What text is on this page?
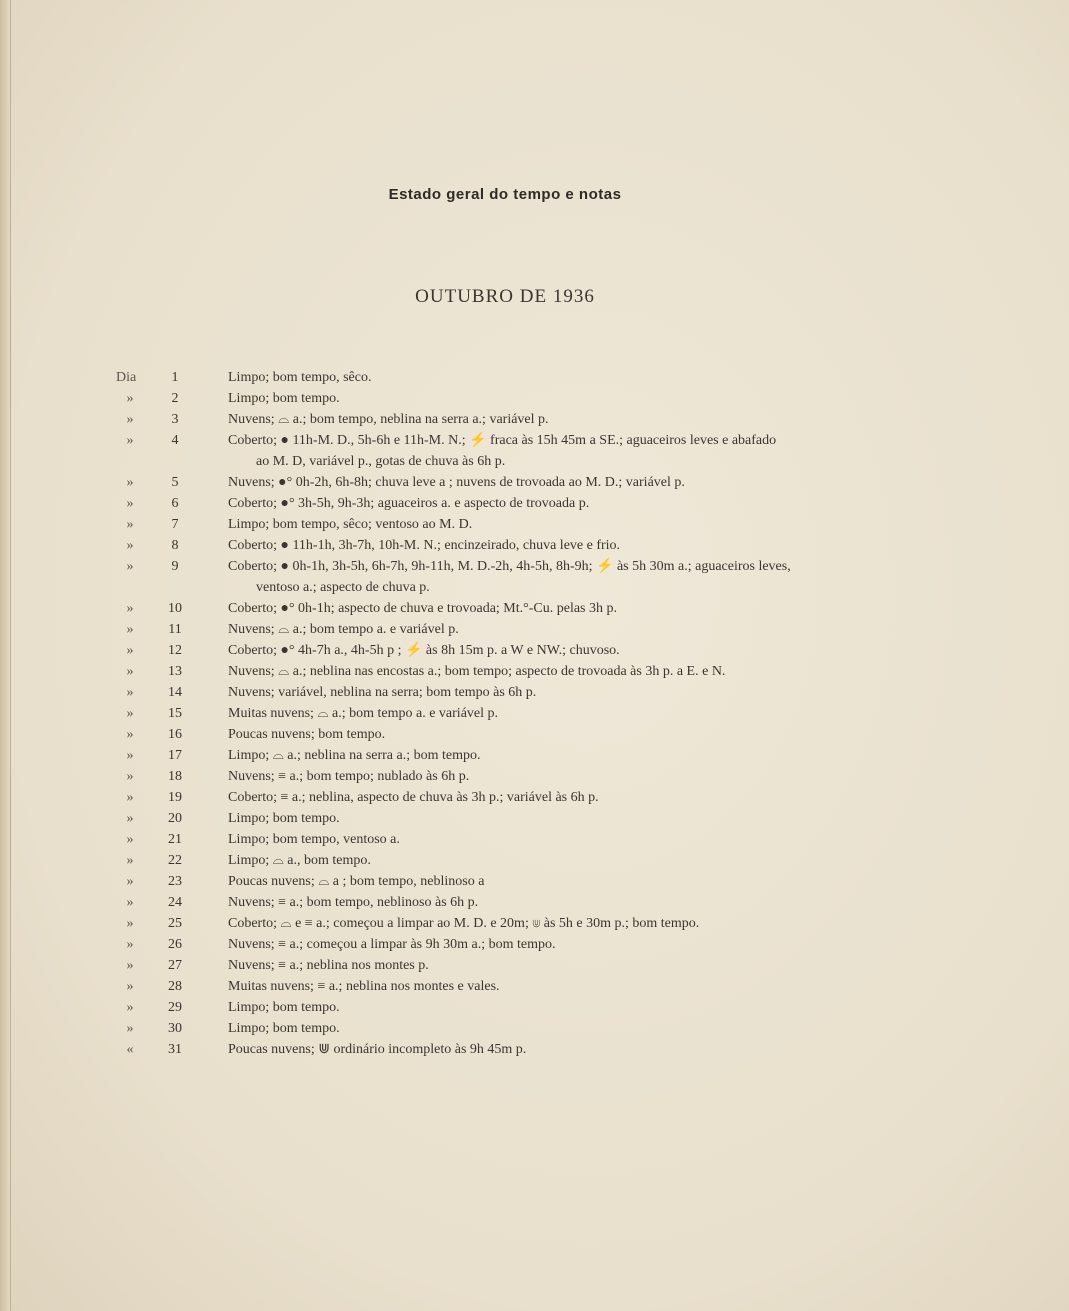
Estado geral do tempo e notas
OUTUBRO DE 1936
Dia	1	Limpo; bom tempo, sêco.
»	2	Limpo; bom tempo.
»	3	Nuvens; ⌓ a.; bom tempo, neblina na serra a.; variável p.
»	4	Coberto; ● 11h-M. D., 5h-6h e 11h-M. N.; ⚡ fraca às 15h 45m a SE.; aguaceiros leves e abafado
ao M. D, variável p., gotas de chuva às 6h p.
»	5	Nuvens; ●° 0h-2h, 6h-8h; chuva leve a ; nuvens de trovoada ao M. D.; variável p.
»	6	Coberto; ●° 3h-5h, 9h-3h; aguaceiros a. e aspecto de trovoada p.
»	7	Limpo; bom tempo, sêco; ventoso ao M. D.
»	8	Coberto; ● 11h-1h, 3h-7h, 10h-M. N.; encinzeirado, chuva leve e frio.
»	9	Coberto; ● 0h-1h, 3h-5h, 6h-7h, 9h-11h, M. D.-2h, 4h-5h, 8h-9h; ⚡ às 5h 30m a.; aguaceiros leves,
ventoso a.; aspecto de chuva p.
»	10	Coberto; ●° 0h-1h; aspecto de chuva e trovoada; Mt.°-Cu. pelas 3h p.
»	11	Nuvens; ⌓ a.; bom tempo a. e variável p.
»	12	Coberto; ●° 4h-7h a., 4h-5h p ; ⚡ às 8h 15m p. a W e NW.; chuvoso.
»	13	Nuvens; ⌓ a.; neblina nas encostas a.; bom tempo; aspecto de trovoada às 3h p. a E. e N.
»	14	Nuvens; variável, neblina na serra; bom tempo às 6h p.
»	15	Muitas nuvens; ⌓ a.; bom tempo a. e variável p.
»	16	Poucas nuvens; bom tempo.
»	17	Limpo; ⌓ a.; neblina na serra a.; bom tempo.
»	18	Nuvens; ≡ a.; bom tempo; nublado às 6h p.
»	19	Coberto; ≡ a.; neblina, aspecto de chuva às 3h p.; variável às 6h p.
»	20	Limpo; bom tempo.
»	21	Limpo; bom tempo, ventoso a.
»	22	Limpo; ⌓ a., bom tempo.
»	23	Poucas nuvens; ⌓ a ; bom tempo, neblinoso a
»	24	Nuvens; ≡ a.; bom tempo, neblinoso às 6h p.
»	25	Coberto; ⌓ e ≡ a.; começou a limpar ao M. D. e 20m; ⋓ às 5h e 30m p.; bom tempo.
»	26	Nuvens; ≡ a.; começou a limpar às 9h 30m a.; bom tempo.
»	27	Nuvens; ≡ a.; neblina nos montes p.
»	28	Muitas nuvens; ≡ a.; neblina nos montes e vales.
»	29	Limpo; bom tempo.
»	30	Limpo; bom tempo.
«	31	Poucas nuvens; ⋓ ordinário incompleto às 9h 45m p.
